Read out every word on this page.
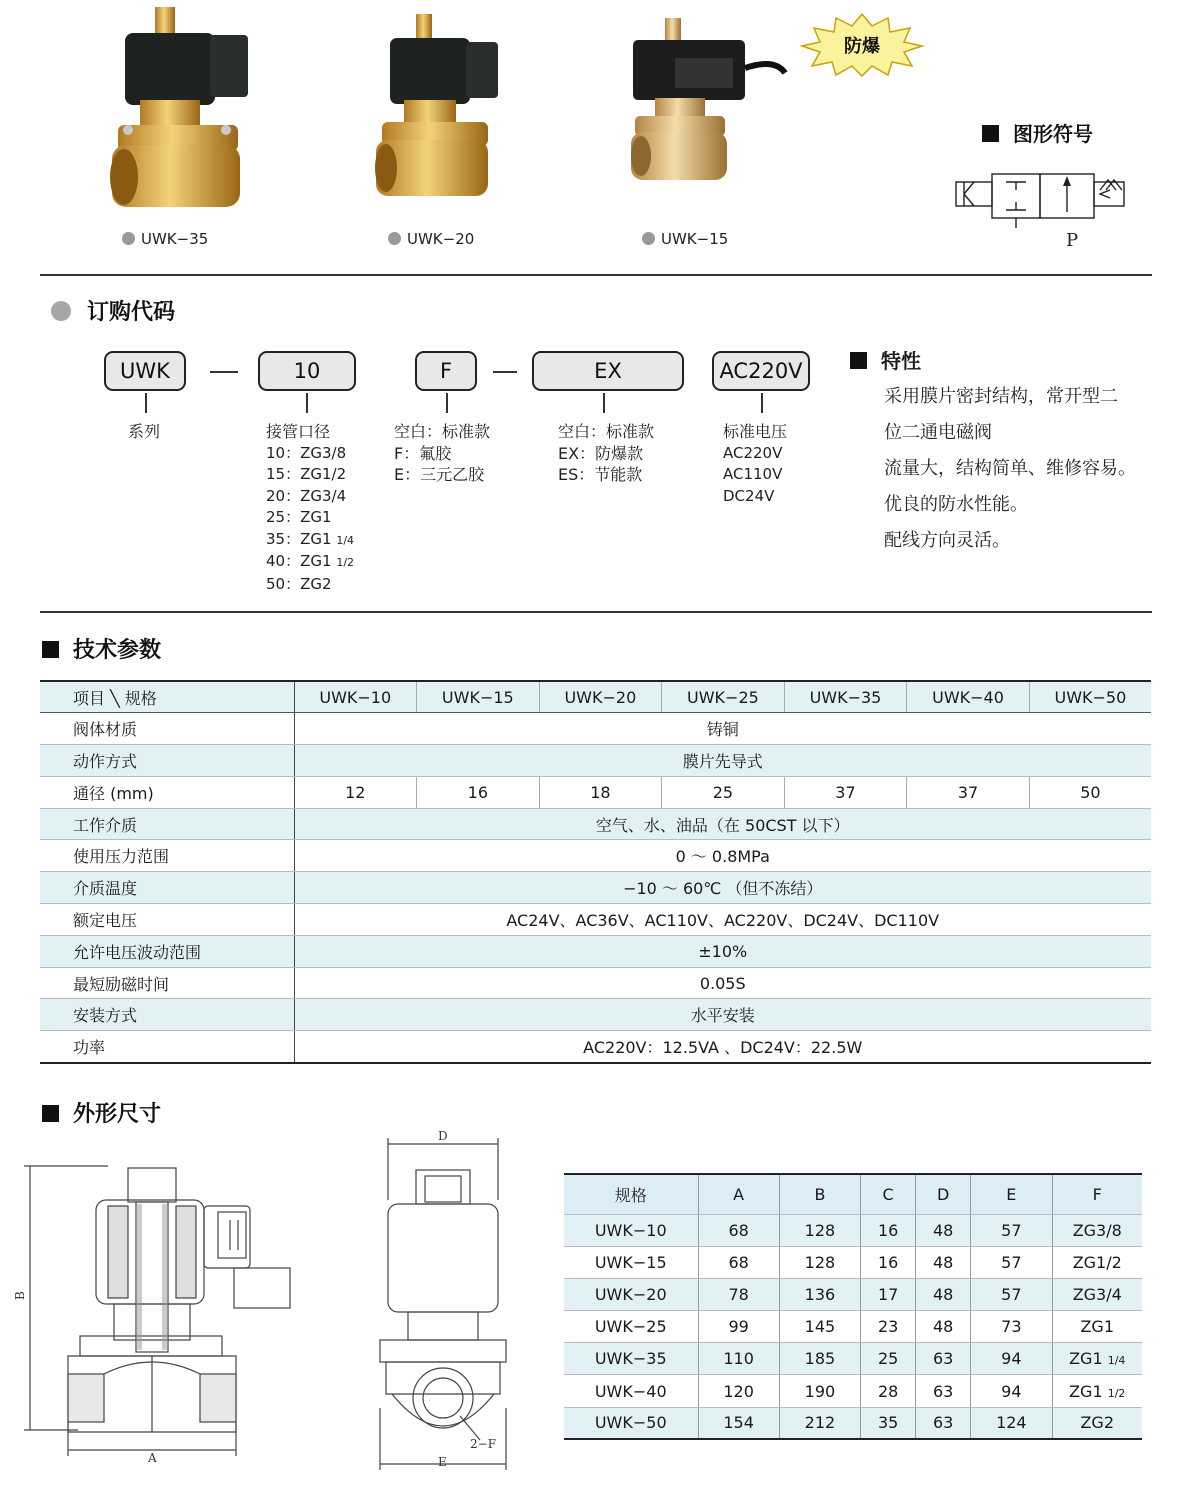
UWK−35	UWK−20	UWK−15
防爆
图形符号
P
订购代码
UWK	10	F	EX	AC220V
系列	接管口径
10：ZG3/8
15：ZG1/2
20：ZG3/4
25：ZG1
35：ZG1 1/4
40：ZG1 1/2
50：ZG2
空白：标准款
F：氟胶
E：三元乙胶
空白：标准款
EX：防爆款
ES：节能款
标准电压
AC220V
AC110V
DC24V
特性
采用膜片密封结构，常开型二
位二通电磁阀
流量大，结构简单、维修容易。
优良的防水性能。
配线方向灵活。
技术参数
项目 ╲ 规格	UWK−10	UWK−15	UWK−20	UWK−25	UWK−35	UWK−40	UWK−50
阀体材质	铸铜						
动作方式	膜片先导式						
通径 (mm)	12	16	18	25	37	37	50
工作介质	空气、水、油品（在 50CST 以下）						
使用压力范围	0 ～ 0.8MPa						
介质温度	−10 ～ 60℃ （但不冻结）						
额定电压	AC24V、AC36V、AC110V、AC220V、DC24V、DC110V						
允许电压波动范围	±10%						
最短励磁时间	0.05S						
安装方式	水平安装						
功率	AC220V：12.5VA 、DC24V：22.5W						
外形尺寸
B
A
D
E
2−F
规格	A	B	C	D	E	F
UWK−10	68	128	16	48	57	ZG3/8
UWK−15	68	128	16	48	57	ZG1/2
UWK−20	78	136	17	48	57	ZG3/4
UWK−25	99	145	23	48	73	ZG1
UWK−35	110	185	25	63	94	ZG1 1/4
UWK−40	120	190	28	63	94	ZG1 1/2
UWK−50	154	212	35	63	124	ZG2
